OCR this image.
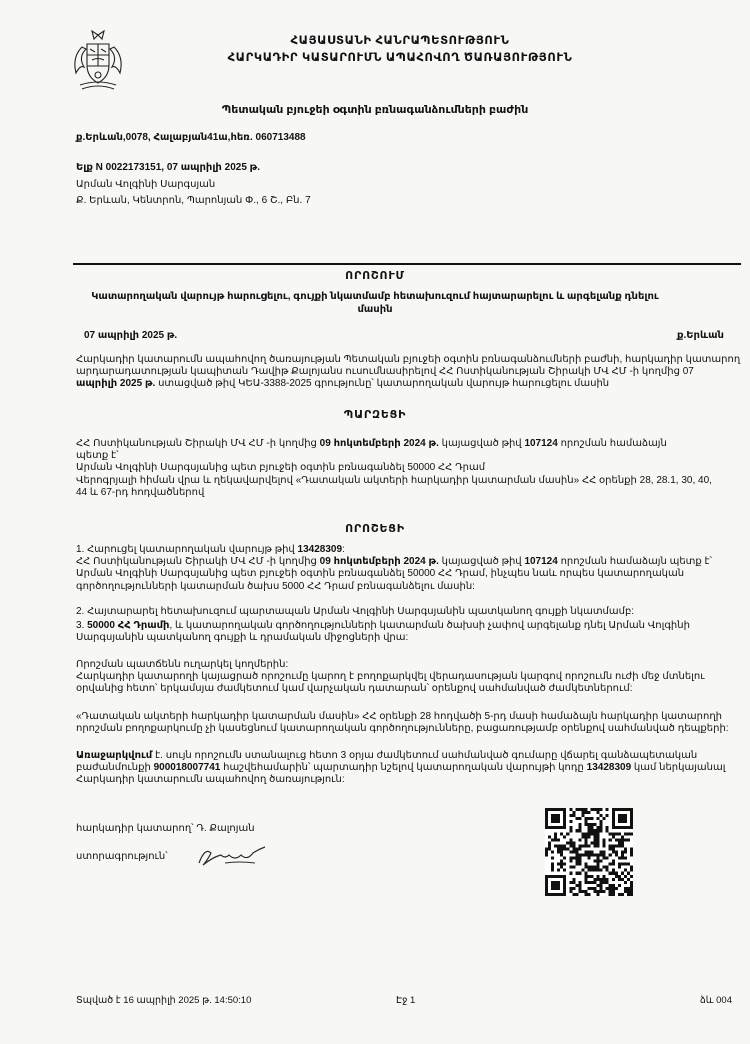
ՀԱՅԱՍՏԱՆԻ ՀԱՆՐԱՊԵՏՈՒԹՅՈՒՆ
ՀԱՐԿԱԴԻՐ ԿԱՏԱՐՈՒՄՆ ԱՊԱՀՈՎՈՂ ԾԱՌԱՅՈՒԹՅՈՒՆ
Պետական բյուջեի օգտին բռնագանձումների բաժին
ք.Երևան,0078, Հալաբյան41ա,հեռ. 060713488
Ելք N 0022173151, 07 ապրիլի 2025 թ.
Արման Վոլգինի Սարգսյան
Ք. Երևան, Կենտրոն, Պարոնյան Փ., 6 Շ., Բն. 7
ՈՐՈՇՈՒՄ
Կատարողական վարույթ հարուցելու, գույքի նկատմամբ հետախուզում հայտարարելու և արգելանք դնելու
մասին
07 ապրիլի 2025 թ.	ք.Երևան
Հարկադիր կատարումն ապահովող ծառայության Պետական բյուջեի օգտին բռնագանձումների բաժնի, հարկադիր կատարող
արդարադատության կապիտան Դավիթ Քալոյանս ուսումնասիրելով ՀՀ Ոստիկանության Շիրակի ՄՎ ՀՄ -ի կողմից 07
ապրիլի 2025 թ. ստացված թիվ ԿԵԱ-3388-2025 գրությունը՝ կատարողական վարույթ հարուցելու մասին
ՊԱՐԶԵՑԻ
ՀՀ Ոստիկանության Շիրակի ՄՎ ՀՄ -ի կողմից 09 հոկտեմբերի 2024 թ. կայացված թիվ 107124 որոշման համաձայն
պետք է՝
Արման Վոլգինի Սարգսյանից պետ բյուջեի օգտին բռնագանձել 50000 ՀՀ Դրամ
Վերոգրյալի հիման վրա և ղեկավարվելով «Դատական ակտերի հարկադիր կատարման մասին» ՀՀ օրենքի 28, 28.1, 30, 40,
44 և 67-րդ հոդվածներով
ՈՐՈՇԵՑԻ
1. Հարուցել կատարողական վարույթ թիվ 13428309:
ՀՀ Ոստիկանության Շիրակի ՄՎ ՀՄ -ի կողմից 09 հոկտեմբերի 2024 թ. կայացված թիվ 107124 որոշման համաձայն պետք է՝
Արման Վոլգինի Սարգսյանից պետ բյուջեի օգտին բռնագանձել 50000 ՀՀ Դրամ, ինչպես նաև որպես կատարողական
գործողությունների կատարման ծախս 5000 ՀՀ Դրամ բռնագանձելու մասին:
2. Հայտարարել հետախուզում պարտապան Արման Վոլգինի Սարգսյանին պատկանող գույքի նկատմամբ:
3. 50000 ՀՀ Դրամի, և կատարողական գործողությունների կատարման ծախսի չափով արգելանք դնել Արման Վոլգինի
Սարգսյանին պատկանող գույքի և դրամական միջոցների վրա:
Որոշման պատճենն ուղարկել կողմերին:
Հարկադիր կատարողի կայացրած որոշումը կարող է բողոքարկվել վերադասության կարգով որոշումն ուժի մեջ մտնելու
օրվանից հետո՝ երկամսյա ժամկետում կամ վարչական դատարան՝ օրենքով սահմանված ժամկետներում:
«Դատական ակտերի հարկադիր կատարման մասին» ՀՀ օրենքի 28 հոդվածի 5-րդ մասի համաձայն հարկադիր կատարողի
որոշման բողոքարկումը չի կասեցնում կատարողական գործողությունները, բացառությամբ օրենքով սահմանված դեպքերի:
Առաջարկվում է. սույն որոշումն ստանալուց հետո 3 օրյա ժամկետում սահմանված գումարը վճարել գանձապետական
բաժանմունքի 900018007741 հաշվեհամարին՝ պարտադիր նշելով կատարողական վարույթի կոդը 13428309 կամ ներկայանալ
Հարկադիր կատարումն ապահովող ծառայություն:
հարկադիր կատարող՝ Դ. Քալոյան
ստորագրություն՝
Տպված է 16 ապրիլի 2025 թ. 14:50:10	Էջ 1	ձև 004
